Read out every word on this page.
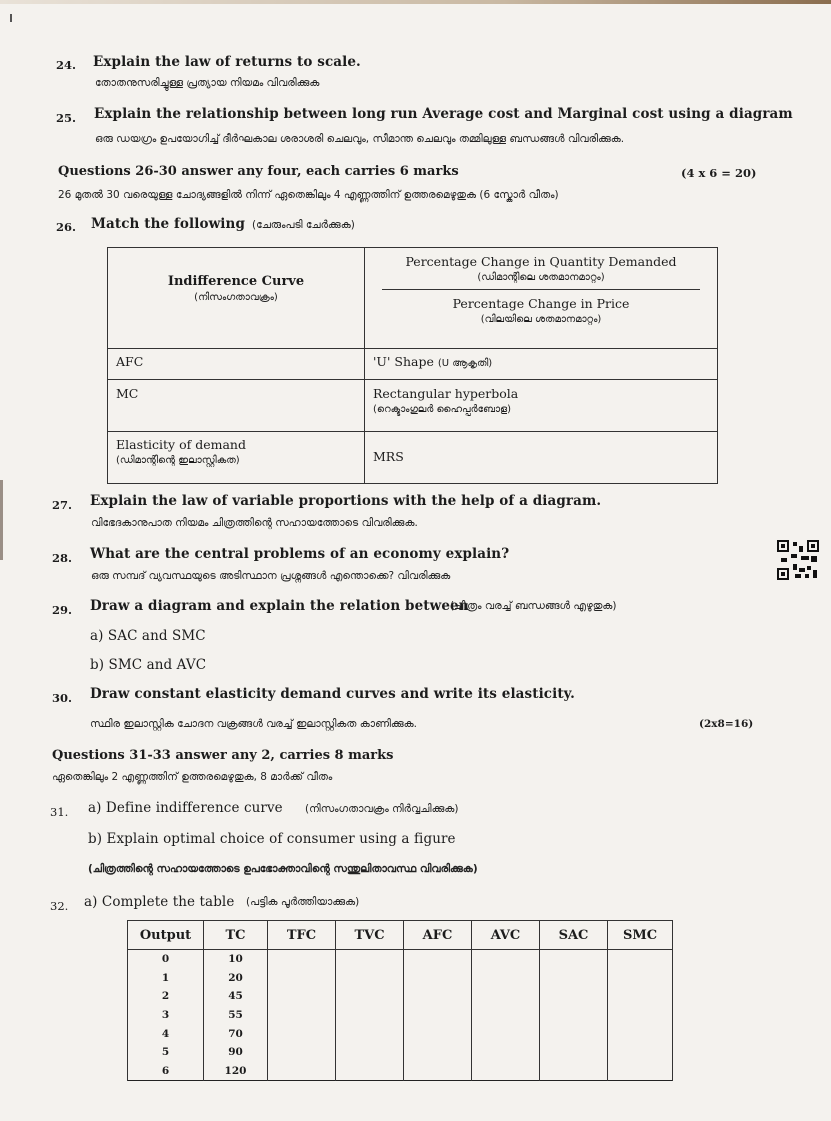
24. Explain the law of returns to scale.
തോതനുസരിച്ചുള്ള പ്രത്യായ നിയമം വിവരിക്കുക
25. Explain the relationship between long run Average cost and Marginal cost using a diagram
ഒരു ഡയഗ്രം ഉപയോഗിച്ച് ദീർഘകാല ശരാശരി ചെലവും, സീമാന്ത ചെലവും തമ്മിലുള്ള ബന്ധങ്ങൾ വിവരിക്കുക.
Questions 26-30 answer any four, each carries 6 marks	(4 x 6 = 20)
26 മുതൽ 30 വരെയുള്ള ചോദ്യങ്ങളിൽ നിന്ന് ഏതെങ്കിലും 4 എണ്ണത്തിന് ഉത്തരമെഴുതുക (6 സ്കോർ വീതം)
26. Match the following (ചേരുംപടി ചേർക്കുക)
Indifference Curve
(നിസംഗതാവക്രം)	Percentage Change in Quantity Demanded
(ഡിമാന്റിലെ ശതമാനമാറ്റം)
Percentage Change in Price
(വിലയിലെ ശതമാനമാറ്റം)

AFC	'U' Shape (U ആകൃതി)

MC	Rectangular hyperbola
(റെക്ടാംഗുലർ ഹൈപ്പർബോള)

Elasticity of demand
(ഡിമാന്റിന്റെ ഇലാസ്റ്റികത)	MRS
27. Explain the law of variable proportions with the help of a diagram.
വിഭേദകാനുപാത നിയമം ചിത്രത്തിന്റെ സഹായത്തോടെ വിവരിക്കുക.
28. What are the central problems of an economy explain?
ഒരു സമ്പദ് വ്യവസ്ഥയുടെ അടിസ്ഥാന പ്രശ്നങ്ങൾ എന്തൊക്കെ? വിവരിക്കുക
29. Draw a diagram and explain the relation between
(ചിത്രം വരച്ച് ബന്ധങ്ങൾ എഴുതുക)
a) SAC and SMC
b) SMC and AVC
30. Draw constant elasticity demand curves and write its elasticity.
സ്ഥിര ഇലാസ്റ്റിക ചോദന വക്രങ്ങൾ വരച്ച് ഇലാസ്റ്റികത കാണിക്കുക.	(2x8=16)
Questions 31-33 answer any 2, carries 8 marks
ഏതെങ്കിലും 2 എണ്ണത്തിന് ഉത്തരമെഴുതുക, 8 മാർക്ക് വീതം
31. a) Define indifference curve (നിസംഗതാവക്രം നിർവ്വചിക്കുക)
b) Explain optimal choice of consumer using a figure
(ചിത്രത്തിന്റെ സഹായത്തോടെ ഉപഭോക്താവിന്റെ സന്തുലിതാവസ്ഥ വിവരിക്കുക)
32. a) Complete the table (പട്ടിക പൂർത്തിയാക്കുക)
Output	TC	TFC	TVC	AFC	AVC	SAC	SMC
0	10						
1	20						
2	45						
3	55						
4	70						
5	90						
6	120						
